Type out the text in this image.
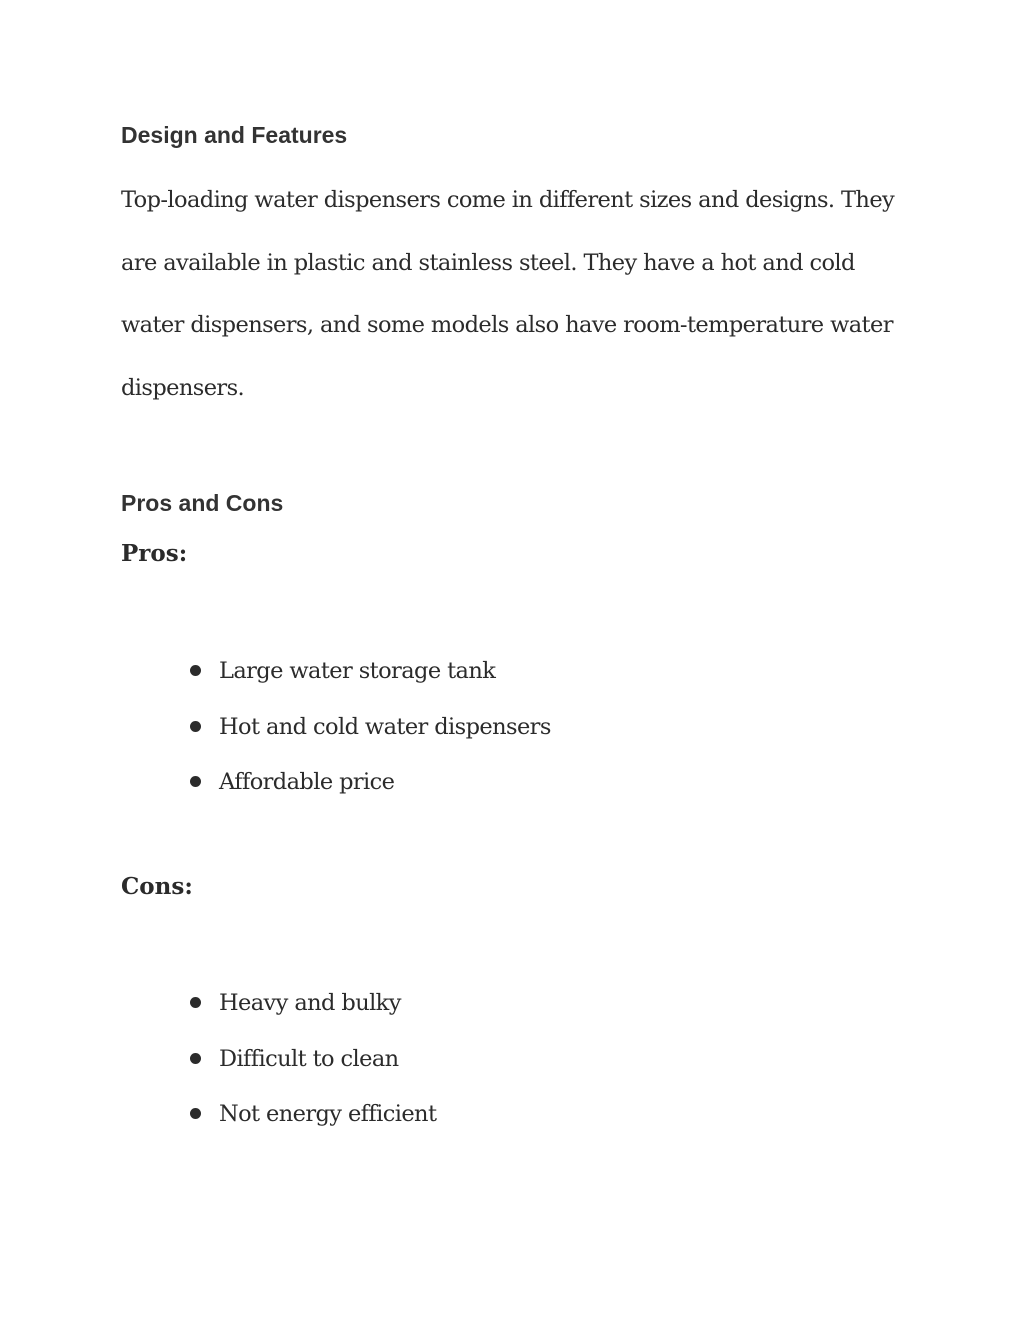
Design and Features

Top-loading water dispensers come in different sizes and designs. They are available in plastic and stainless steel. They have a hot and cold water dispensers, and some models also have room-temperature water dispensers.

Pros and Cons
Pros:
Large water storage tank
Hot and cold water dispensers
Affordable price
Cons:
Heavy and bulky
Difficult to clean
Not energy efficient
